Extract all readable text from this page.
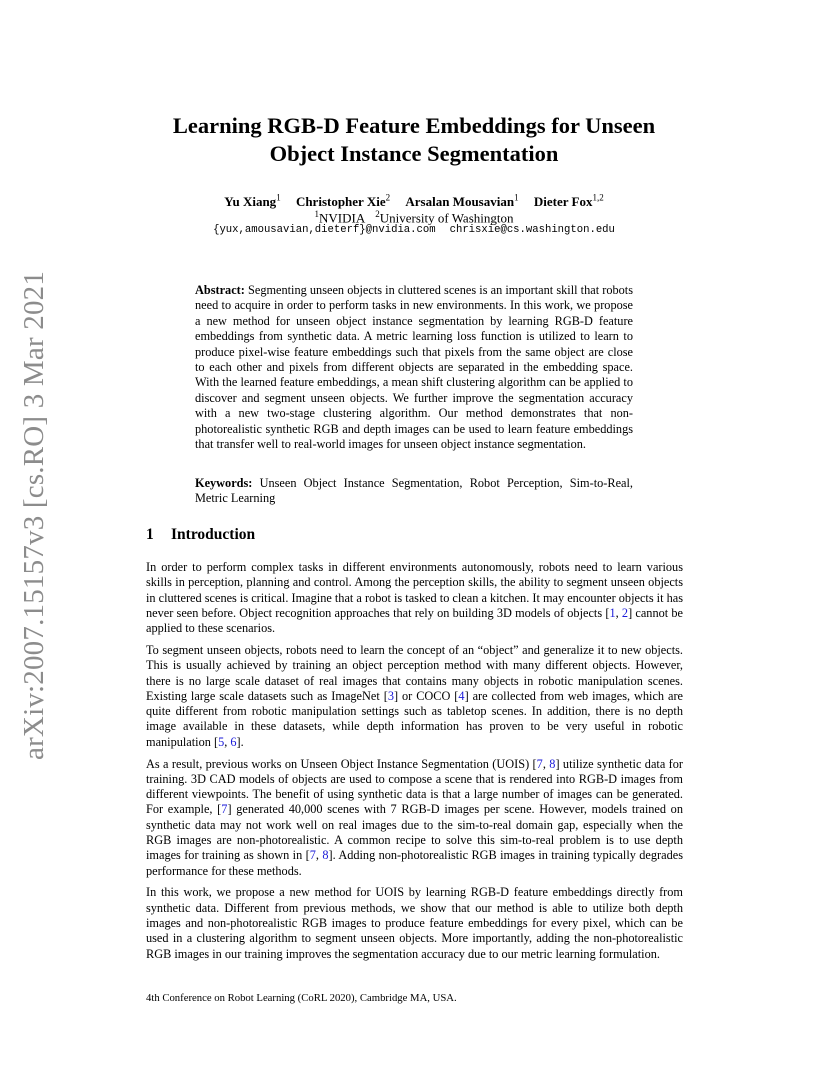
arXiv:2007.15157v3 [cs.RO] 3 Mar 2021
Learning RGB-D Feature Embeddings for Unseen
Object Instance Segmentation
Yu Xiang$^1$ Christopher Xie$^2$ Arsalan Mousavian$^1$ Dieter Fox$^{1,2}$
$^1$NVIDIA $^2$University of Washington
{yux,amousavian,dieterf}@nvidia.com chrisxie@cs.washington.edu
Abstract: Segmenting unseen objects in cluttered scenes is an important skill that robots need to acquire in order to perform tasks in new environments. In this work, we propose a new method for unseen object instance segmentation by learning RGB-D feature embeddings from synthetic data. A metric learning loss function is utilized to learn to produce pixel-wise feature embeddings such that pixels from the same object are close to each other and pixels from different objects are separated in the embedding space. With the learned feature embeddings, a mean shift clustering algorithm can be applied to discover and segment unseen objects. We further improve the segmentation accuracy with a new two-stage clustering algorithm. Our method demonstrates that non-photorealistic synthetic RGB and depth images can be used to learn feature embeddings that transfer well to real-world images for unseen object instance segmentation.
Keywords: Unseen Object Instance Segmentation, Robot Perception, Sim-to-Real, Metric Learning
1 Introduction

In order to perform complex tasks in different environments autonomously, robots need to learn various skills in perception, planning and control. Among the perception skills, the ability to segment unseen objects in cluttered scenes is critical. Imagine that a robot is tasked to clean a kitchen. It may encounter objects it has never seen before. Object recognition approaches that rely on building 3D models of objects [1, 2] cannot be applied to these scenarios.

To segment unseen objects, robots need to learn the concept of an “object” and generalize it to new objects. This is usually achieved by training an object perception method with many different objects. However, there is no large scale dataset of real images that contains many objects in robotic manipulation scenes. Existing large scale datasets such as ImageNet [3] or COCO [4] are collected from web images, which are quite different from robotic manipulation settings such as tabletop scenes. In addition, there is no depth image available in these datasets, while depth information has proven to be very useful in robotic manipulation [5, 6].

As a result, previous works on Unseen Object Instance Segmentation (UOIS) [7, 8] utilize synthetic data for training. 3D CAD models of objects are used to compose a scene that is rendered into RGB-D images from different viewpoints. The benefit of using synthetic data is that a large number of images can be generated. For example, [7] generated 40,000 scenes with 7 RGB-D images per scene. However, models trained on synthetic data may not work well on real images due to the sim-to-real domain gap, especially when the RGB images are non-photorealistic. A common recipe to solve this sim-to-real problem is to use depth images for training as shown in [7, 8]. Adding non-photorealistic RGB images in training typically degrades performance for these methods.

In this work, we propose a new method for UOIS by learning RGB-D feature embeddings directly from synthetic data. Different from previous methods, we show that our method is able to utilize both depth images and non-photorealistic RGB images to produce feature embeddings for every pixel, which can be used in a clustering algorithm to segment unseen objects. More importantly, adding the non-photorealistic RGB images in our training improves the segmentation accuracy due to our metric learning formulation.

4th Conference on Robot Learning (CoRL 2020), Cambridge MA, USA.
